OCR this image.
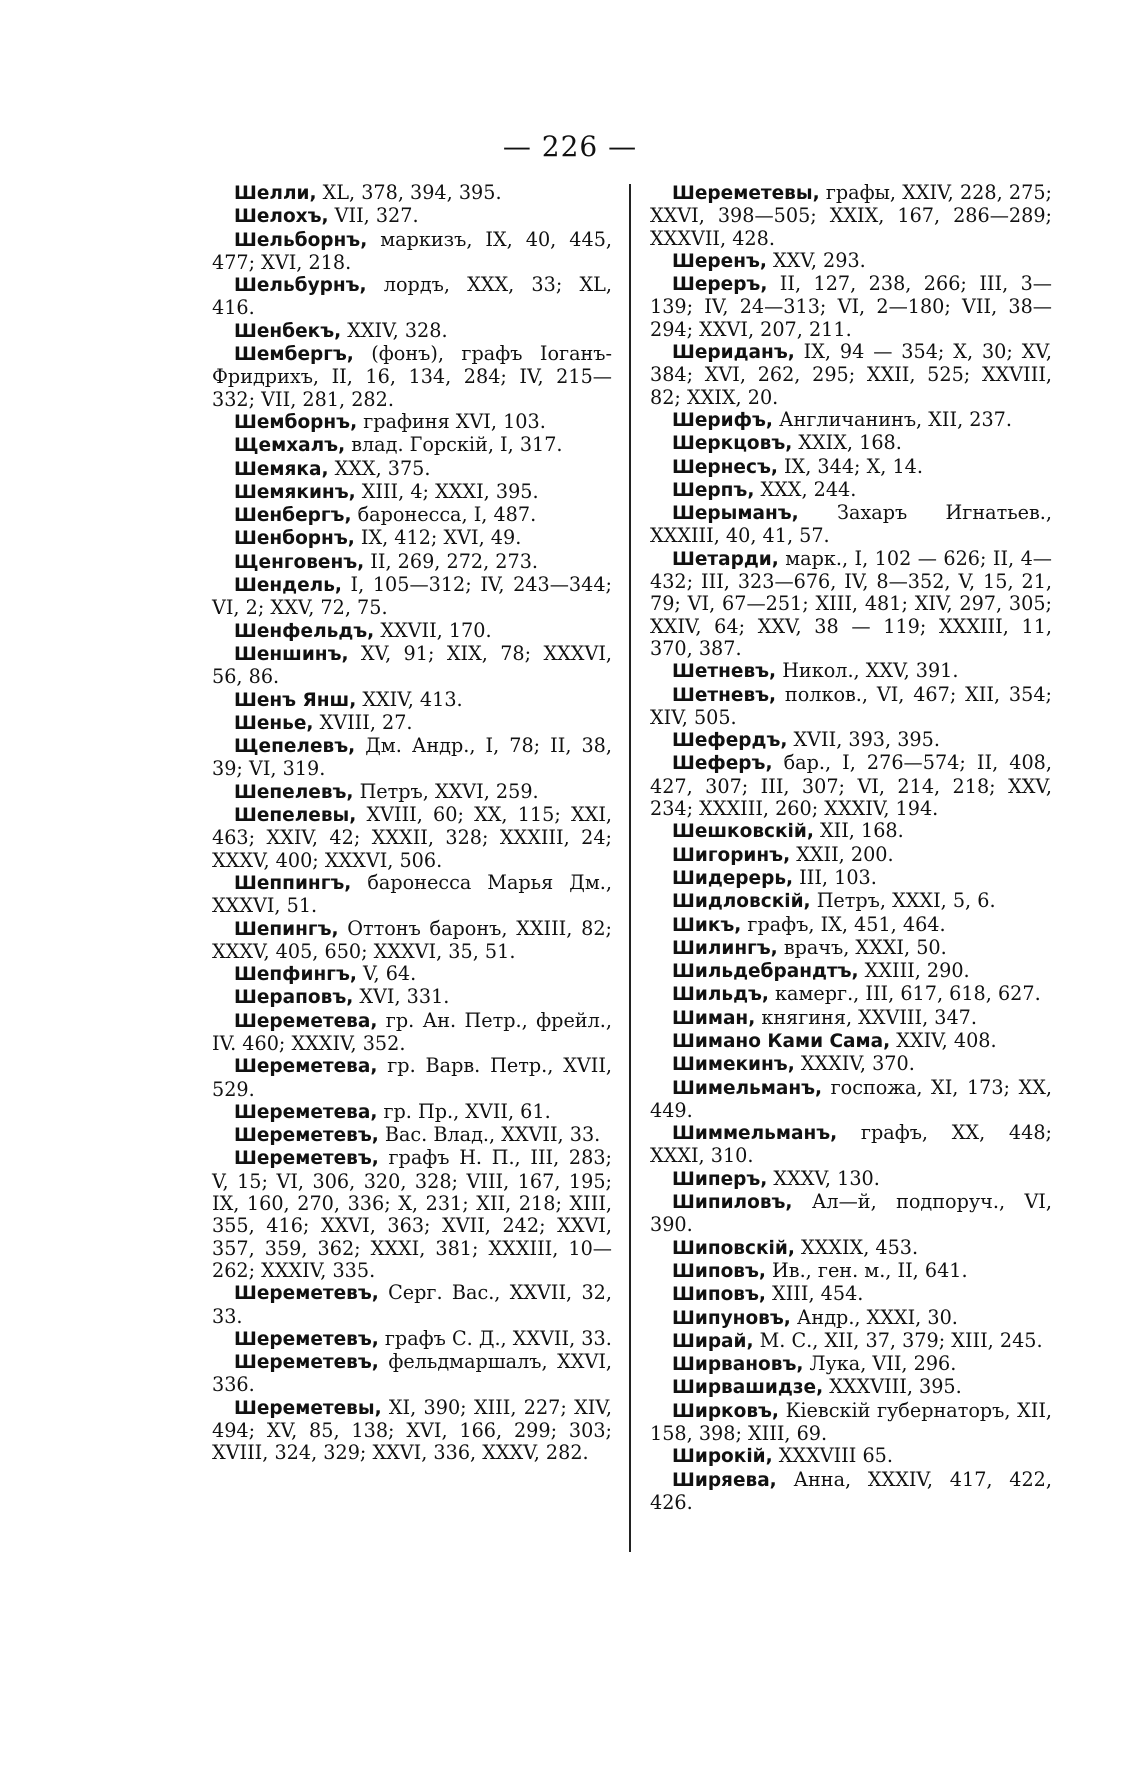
— 226 —

Шелли, XL, 378, 394, 395.

Шелохъ, VII, 327.

Шельборнъ, маркизъ, IX, 40, 445, 477; XVI, 218.

Шельбурнъ, лордъ, XXX, 33; XL, 416.

Шенбекъ, XXIV, 328.

Шембергъ, (фонъ), графъ Іоганъ-Фридрихъ, II, 16, 134, 284; IV, 215—332; VII, 281, 282.

Шемборнъ, графиня XVI, 103.

Щемхалъ, влад. Горскій, I, 317.

Шемяка, XXX, 375.

Шемякинъ, XIII, 4; XXXI, 395.

Шенбергъ, баронесса, I, 487.

Шенборнъ, IX, 412; XVI, 49.

Щенговенъ, II, 269, 272, 273.

Шендель, I, 105—312; IV, 243—344; VI, 2; XXV, 72, 75.

Шенфельдъ, XXVII, 170.

Шеншинъ, XV, 91; XIX, 78; XXXVI, 56, 86.

Шенъ Янш, XXIV, 413.

Шенье, XVIII, 27.

Щепелевъ, Дм. Андр., I, 78; II, 38, 39; VI, 319.

Шепелевъ, Петръ, XXVI, 259.

Шепелевы, XVIII, 60; XX, 115; XXI, 463; XXIV, 42; XXXII, 328; XXXIII, 24; XXXV, 400; XXXVI, 506.

Шеппингъ, баронесса Марья Дм., XXXVI, 51.

Шепингъ, Оттонъ баронъ, XXIII, 82; XXXV, 405, 650; XXXVI, 35, 51.

Шепфингъ, V, 64.

Шераповъ, XVI, 331.

Шереметева, гр. Ан. Петр., фрейл., IV. 460; XXXIV, 352.

Шереметева, гр. Варв. Петр., XVII, 529.

Шереметева, гр. Пр., XVII, 61.

Шереметевъ, Вас. Влад., XXVII, 33.

Шереметевъ, графъ Н. П., III, 283; V, 15; VI, 306, 320, 328; VIII, 167, 195; IX, 160, 270, 336; X, 231; XII, 218; XIII, 355, 416; XXVI, 363; XVII, 242; XXVI, 357, 359, 362; XXXI, 381; XXXIII, 10—262; XXXIV, 335.

Шереметевъ, Серг. Вас., XXVII, 32, 33.

Шереметевъ, графъ С. Д., XXVII, 33.

Шереметевъ, фельдмаршалъ, XXVI, 336.

Шереметевы, XI, 390; XIII, 227; XIV, 494; XV, 85, 138; XVI, 166, 299; 303; XVIII, 324, 329; XXVI, 336, XXXV, 282.

Шереметевы, графы, XXIV, 228, 275; XXVI, 398—505; XXIX, 167, 286—289; XXXVII, 428.

Шеренъ, XXV, 293.

Шереръ, II, 127, 238, 266; III, 3—139; IV, 24—313; VI, 2—180; VII, 38—294; XXVI, 207, 211.

Шериданъ, IX, 94 — 354; X, 30; XV, 384; XVI, 262, 295; XXII, 525; XXVIII, 82; XXIX, 20.

Шерифъ, Англичанинъ, XII, 237.

Шеркцовъ, XXIX, 168.

Шернесъ, IX, 344; X, 14.

Шерпъ, XXX, 244.

Шерыманъ, Захаръ Игнатьев., XXXIII, 40, 41, 57.

Шетарди, марк., I, 102 — 626; II, 4—432; III, 323—676, IV, 8—352, V, 15, 21, 79; VI, 67—251; XIII, 481; XIV, 297, 305; XXIV, 64; XXV, 38 — 119; XXXIII, 11, 370, 387.

Шетневъ, Никол., XXV, 391.

Шетневъ, полков., VI, 467; XII, 354; XIV, 505.

Шефердъ, XVII, 393, 395.

Шеферъ, бар., I, 276—574; II, 408, 427, 307; III, 307; VI, 214, 218; XXV, 234; XXXIII, 260; XXXIV, 194.

Шешковскій, XII, 168.

Шигоринъ, XXII, 200.

Шидерерь, III, 103.

Шидловскій, Петръ, XXXI, 5, 6.

Шикъ, графъ, IX, 451, 464.

Шилингъ, врачъ, XXXI, 50.

Шильдебрандтъ, XXIII, 290.

Шильдъ, камерг., III, 617, 618, 627.

Шиман, княгиня, XXVIII, 347.

Шимано Ками Сама, XXIV, 408.

Шимекинъ, XXXIV, 370.

Шимельманъ, госпожа, XI, 173; XX, 449.

Шиммельманъ, графъ, XX, 448; XXXI, 310.

Шиперъ, XXXV, 130.

Шипиловъ, Ал—й, подпоруч., VI, 390.

Шиповскій, XXXIX, 453.

Шиповъ, Ив., ген. м., II, 641.

Шиповъ, XIII, 454.

Шипуновъ, Андр., XXXI, 30.

Ширай, М. С., XII, 37, 379; XIII, 245.

Ширвановъ, Лука, VII, 296.

Ширвашидзе, XXXVIII, 395.

Ширковъ, Кіевскій губернаторъ, XII, 158, 398; XIII, 69.

Широкій, XXXVIII 65.

Ширяева, Анна, XXXIV, 417, 422, 426.
